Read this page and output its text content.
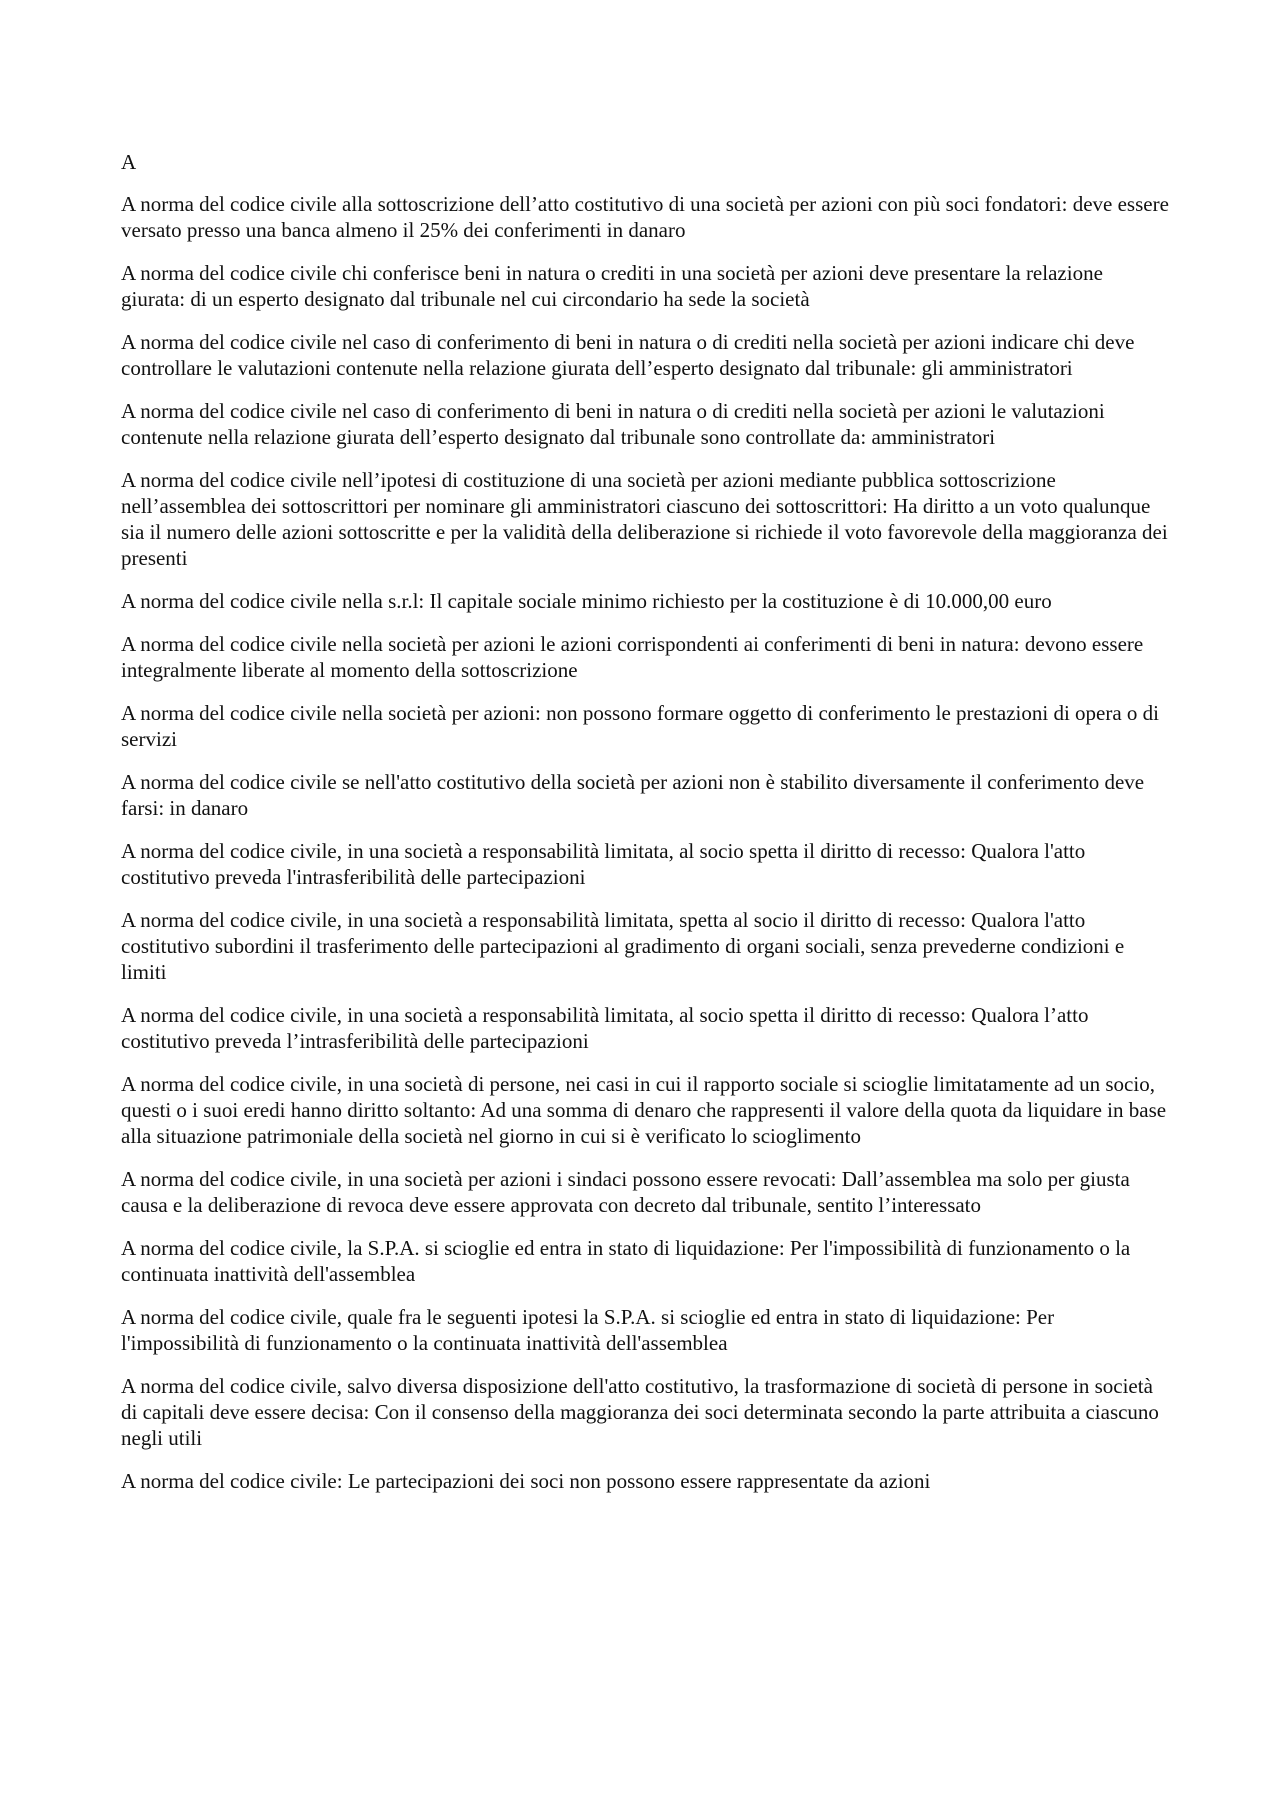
A

A norma del codice civile alla sottoscrizione dell’atto costitutivo di una società per azioni con più soci fondatori: deve essere versato presso una banca almeno il 25% dei conferimenti in danaro

A norma del codice civile chi conferisce beni in natura o crediti in una società per azioni deve presentare la relazione giurata: di un esperto designato dal tribunale nel cui circondario ha sede la società

A norma del codice civile nel caso di conferimento di beni in natura o di crediti nella società per azioni indicare chi deve controllare le valutazioni contenute nella relazione giurata dell’esperto designato dal tribunale: gli amministratori

A norma del codice civile nel caso di conferimento di beni in natura o di crediti nella società per azioni le valutazioni contenute nella relazione giurata dell’esperto designato dal tribunale sono controllate da: amministratori

A norma del codice civile nell’ipotesi di costituzione di una società per azioni mediante pubblica sottoscrizione nell’assemblea dei sottoscrittori per nominare gli amministratori ciascuno dei sottoscrittori: Ha diritto a un voto qualunque sia il numero delle azioni sottoscritte e per la validità della deliberazione si richiede il voto favorevole della maggioranza dei presenti

A norma del codice civile nella s.r.l: Il capitale sociale minimo richiesto per la costituzione è di 10.000,00 euro

A norma del codice civile nella società per azioni le azioni corrispondenti ai conferimenti di beni in natura: devono essere integralmente liberate al momento della sottoscrizione

A norma del codice civile nella società per azioni: non possono formare oggetto di conferimento le prestazioni di opera o di servizi

A norma del codice civile se nell'atto costitutivo della società per azioni non è stabilito diversamente il conferimento deve farsi: in danaro

A norma del codice civile, in una società a responsabilità limitata, al socio spetta il diritto di recesso: Qualora l'atto costitutivo preveda l'intrasferibilità delle partecipazioni

A norma del codice civile, in una società a responsabilità limitata, spetta al socio il diritto di recesso: Qualora l'atto costitutivo subordini il trasferimento delle partecipazioni al gradimento di organi sociali, senza prevederne condizioni e limiti

A norma del codice civile, in una società a responsabilità limitata, al socio spetta il diritto di recesso: Qualora l’atto costitutivo preveda l’intrasferibilità delle partecipazioni

A norma del codice civile, in una società di persone, nei casi in cui il rapporto sociale si scioglie limitatamente ad un socio, questi o i suoi eredi hanno diritto soltanto: Ad una somma di denaro che rappresenti il valore della quota da liquidare in base alla situazione patrimoniale della società nel giorno in cui si è verificato lo scioglimento

A norma del codice civile, in una società per azioni i sindaci possono essere revocati: Dall’assemblea ma solo per giusta causa e la deliberazione di revoca deve essere approvata con decreto dal tribunale, sentito l’interessato

A norma del codice civile, la S.P.A. si scioglie ed entra in stato di liquidazione: Per l'impossibilità di funzionamento o la continuata inattività dell'assemblea

A norma del codice civile, quale fra le seguenti ipotesi la S.P.A. si scioglie ed entra in stato di liquidazione: Per l'impossibilità di funzionamento o la continuata inattività dell'assemblea

A norma del codice civile, salvo diversa disposizione dell'atto costitutivo, la trasformazione di società di persone in società di capitali deve essere decisa: Con il consenso della maggioranza dei soci determinata secondo la parte attribuita a ciascuno negli utili

A norma del codice civile: Le partecipazioni dei soci non possono essere rappresentate da azioni
